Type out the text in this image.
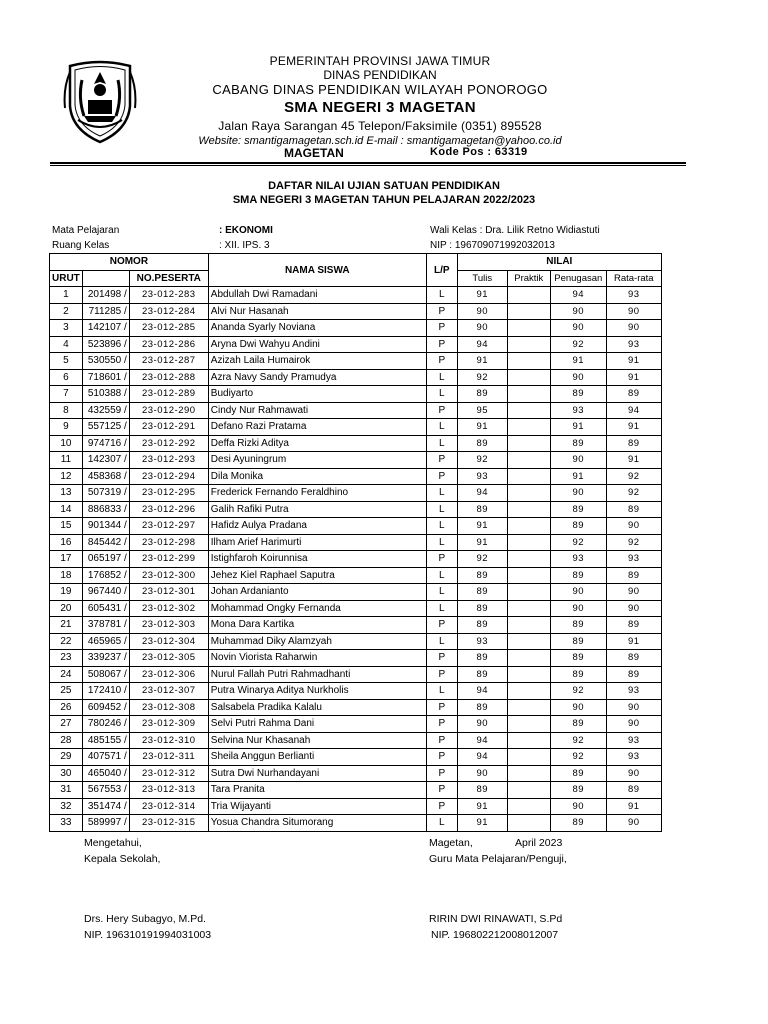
PEMERINTAH PROVINSI JAWA TIMUR
DINAS PENDIDIKAN
CABANG DINAS PENDIDIKAN WILAYAH PONOROGO
SMA NEGERI 3 MAGETAN
Jalan Raya Sarangan 45 Telepon/Faksimile (0351) 895528
Website: smantigamagetan.sch.id E-mail : smantigamagetan@yahoo.co.id
MAGETAN	Kode Pos : 63319
DAFTAR NILAI UJIAN SATUAN PENDIDIKAN
SMA NEGERI 3 MAGETAN TAHUN PELAJARAN 2022/2023
Mata Pelajaran	: EKONOMI
Ruang Kelas	: XII. IPS. 3
Wali Kelas : Dra. Lilik Retno Widiastuti
NIP : 196709071992032013
NOMOR			NAMA SISWA	L/P	NILAI			
URUT		NO.PESERTA			Tulis	Praktik	Penugasan	Rata-rata
1	201498 /	23-012-283	Abdullah Dwi Ramadani	L	91		94	93
2	711285 /	23-012-284	Alvi Nur Hasanah	P	90		90	90
3	142107 /	23-012-285	Ananda Syarly Noviana	P	90		90	90
4	523896 /	23-012-286	Aryna Dwi Wahyu Andini	P	94		92	93
5	530550 /	23-012-287	Azizah Laila Humairok	P	91		91	91
6	718601 /	23-012-288	Azra Navy Sandy Pramudya	L	92		90	91
7	510388 /	23-012-289	Budiyarto	L	89		89	89
8	432559 /	23-012-290	Cindy Nur Rahmawati	P	95		93	94
9	557125 /	23-012-291	Defano Razi Pratama	L	91		91	91
10	974716 /	23-012-292	Deffa Rizki Aditya	L	89		89	89
11	142307 /	23-012-293	Desi Ayuningrum	P	92		90	91
12	458368 /	23-012-294	Dila Monika	P	93		91	92
13	507319 /	23-012-295	Frederick Fernando Feraldhino	L	94		90	92
14	886833 /	23-012-296	Galih Rafiki Putra	L	89		89	89
15	901344 /	23-012-297	Hafidz Aulya Pradana	L	91		89	90
16	845442 /	23-012-298	Ilham Arief Harimurti	L	91		92	92
17	065197 /	23-012-299	Istighfaroh Koirunnisa	P	92		93	93
18	176852 /	23-012-300	Jehez Kiel Raphael Saputra	L	89		89	89
19	967440 /	23-012-301	Johan Ardanianto	L	89		90	90
20	605431 /	23-012-302	Mohammad Ongky Fernanda	L	89		90	90
21	378781 /	23-012-303	Mona Dara Kartika	P	89		89	89
22	465965 /	23-012-304	Muhammad Diky Alamzyah	L	93		89	91
23	339237 /	23-012-305	Novin Viorista Raharwin	P	89		89	89
24	508067 /	23-012-306	Nurul Fallah Putri Rahmadhanti	P	89		89	89
25	172410 /	23-012-307	Putra Winarya Aditya Nurkholis	L	94		92	93
26	609452 /	23-012-308	Salsabela Pradika Kalalu	P	89		90	90
27	780246 /	23-012-309	Selvi Putri Rahma Dani	P	90		89	90
28	485155 /	23-012-310	Selvina Nur Khasanah	P	94		92	93
29	407571 /	23-012-311	Sheila Anggun Berlianti	P	94		92	93
30	465040 /	23-012-312	Sutra Dwi Nurhandayani	P	90		89	90
31	567553 /	23-012-313	Tara Pranita	P	89		89	89
32	351474 /	23-012-314	Tria Wijayanti	P	91		90	91
33	589997 /	23-012-315	Yosua Chandra Situmorang	L	91		89	90
Mengetahui,
Kepala Sekolah,
Drs. Hery Subagyo, M.Pd.
NIP. 196310191994031003
Magetan,	April 2023
Guru Mata Pelajaran/Penguji,
RIRIN DWI RINAWATI, S.Pd
NIP. 196802212008012007
